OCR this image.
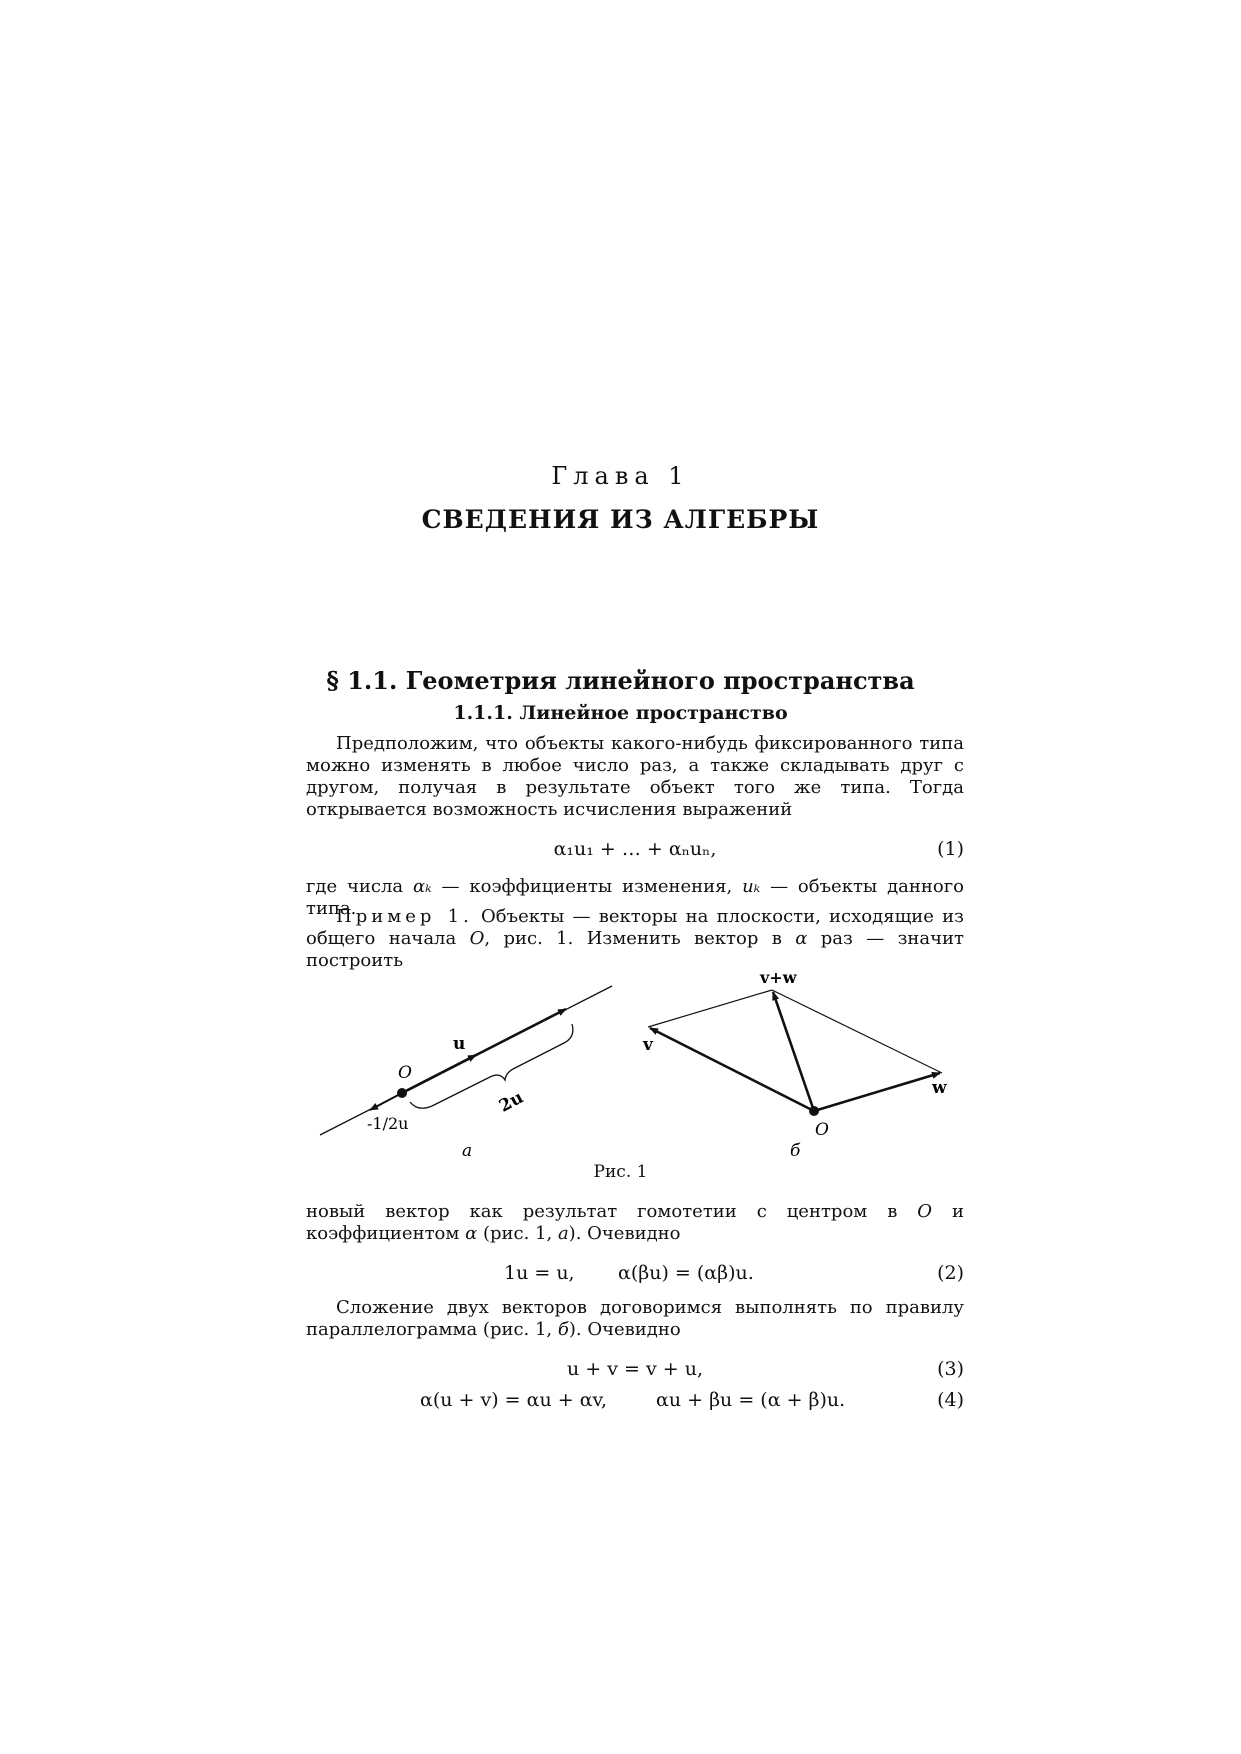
Глава 1
СВЕДЕНИЯ ИЗ АЛГЕБРЫ
§ 1.1. Геометрия линейного пространства
1.1.1. Линейное пространство

Предположим, что объекты какого-нибудь фиксированного типа можно изменять в любое число раз, а также складывать друг с другом, получая в результате объект того же типа. Тогда открывается возможность исчисления выражений

α₁u₁ + … + αₙuₙ,	(1)

где числа αₖ — коэффициенты изменения, uₖ — объекты данного типа.

Пример 1. Объекты — векторы на плоскости, исходящие из общего начала O, рис. 1. Изменить вектор в α раз — значит построить

u
O
-1/2u
2u
а
v+w
v
w
O
б
Рис. 1

новый вектор как результат гомотетии с центром в O и коэффициентом α (рис. 1, а). Очевидно

1u = u, α(βu) = (αβ)u.	(2)

Сложение двух векторов договоримся выполнять по правилу параллелограмма (рис. 1, б). Очевидно

u + v = v + u,	(3)
α(u + v) = αu + αv,	αu + βu = (α + β)u.	(4)
